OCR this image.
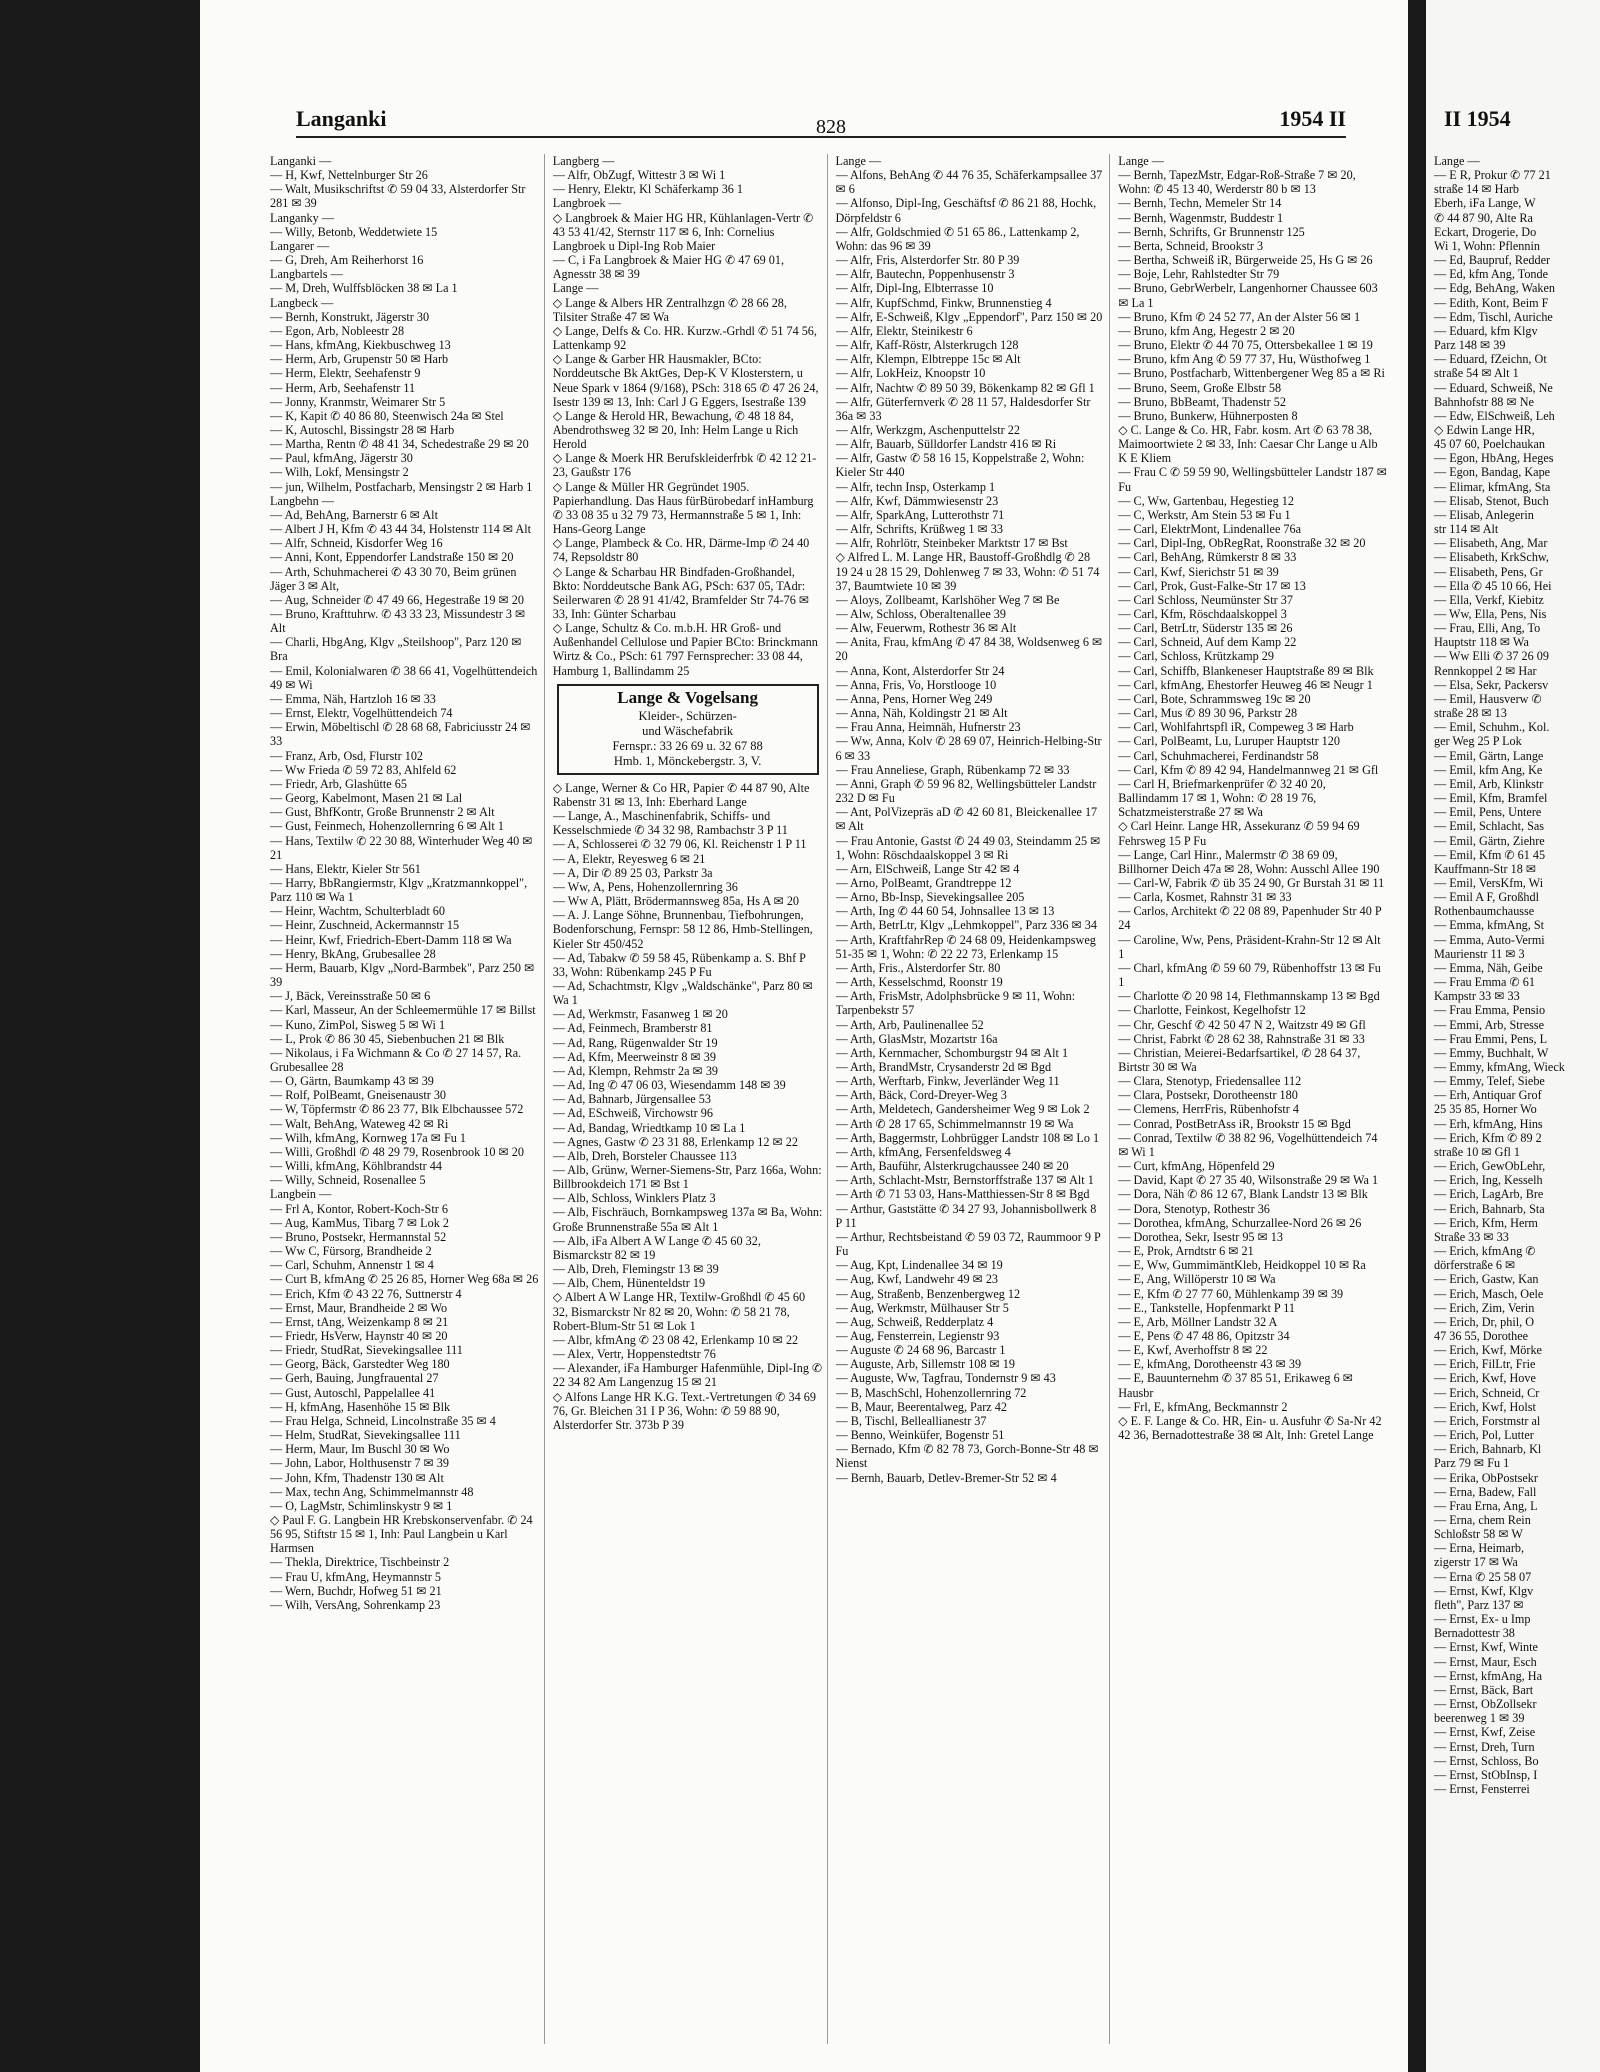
Langanki	828	1954 II
Langanki —
— H, Kwf, Nettelnburger Str 26
— Walt, Musikschriftst ✆ 59 04 33, Alsterdorfer Str 281 ✉ 39
Langanky —
— Willy, Betonb, Weddetwiete 15
Langarer —
— G, Dreh, Am Reiherhorst 16
Langbartels —
— M, Dreh, Wulffsblöcken 38 ✉ La 1
Langbeck —
— Bernh, Konstrukt, Jägerstr 30
— Egon, Arb, Nobleestr 28
— Hans, kfmAng, Kiekbuschweg 13
— Herm, Arb, Grupenstr 50 ✉ Harb
— Herm, Elektr, Seehafenstr 9
— Herm, Arb, Seehafenstr 11
— Jonny, Kranmstr, Weimarer Str 5
— K, Kapit ✆ 40 86 80, Steenwisch 24a ✉ Stel
— K, Autoschl, Bissingstr 28 ✉ Harb
— Martha, Rentn ✆ 48 41 34, Schedestraße 29 ✉ 20
— Paul, kfmAng, Jägerstr 30
— Wilh, Lokf, Mensingstr 2
— jun, Wilhelm, Postfacharb, Mensingstr 2 ✉ Harb 1
Langbehn —
— Ad, BehAng, Barnerstr 6 ✉ Alt
— Albert J H, Kfm ✆ 43 44 34, Holstenstr 114 ✉ Alt
— Alfr, Schneid, Kisdorfer Weg 16
— Anni, Kont, Eppendorfer Landstraße 150 ✉ 20
— Arth, Schuhmacherei ✆ 43 30 70, Beim grünen Jäger 3 ✉ Alt,
— Aug, Schneider ✆ 47 49 66, Hegestraße 19 ✉ 20
— Bruno, Krafttuhrw. ✆ 43 33 23, Missundestr 3 ✉ Alt
— Charli, HbgAng, Klgv „Steilshoop", Parz 120 ✉ Bra
— Emil, Kolonialwaren ✆ 38 66 41, Vogelhüttendeich 49 ✉ Wi
— Emma, Näh, Hartzloh 16 ✉ 33
— Ernst, Elektr, Vogelhüttendeich 74
— Erwin, Möbeltischl ✆ 28 68 68, Fabriciusstr 24 ✉ 33
— Franz, Arb, Osd, Flurstr 102
— Ww Frieda ✆ 59 72 83, Ahlfeld 62
— Friedr, Arb, Glashütte 65
— Georg, Kabelmont, Masen 21 ✉ Lal
— Gust, BhfKontr, Große Brunnenstr 2 ✉ Alt
— Gust, Feinmech, Hohenzollernring 6 ✉ Alt 1
— Hans, Textilw ✆ 22 30 88, Winterhuder Weg 40 ✉ 21
— Hans, Elektr, Kieler Str 561
— Harry, BbRangiermstr, Klgv „Kratzmannkoppel", Parz 110 ✉ Wa 1
— Heinr, Wachtm, Schulterbladt 60
— Heinr, Zuschneid, Ackermannstr 15
— Heinr, Kwf, Friedrich-Ebert-Damm 118 ✉ Wa
— Henry, BkAng, Grubesallee 28
— Herm, Bauarb, Klgv „Nord-Barmbek", Parz 250 ✉ 39
— J, Bäck, Vereinsstraße 50 ✉ 6
— Karl, Masseur, An der Schleemermühle 17 ✉ Billst
— Kuno, ZimPol, Sisweg 5 ✉ Wi 1
— L, Prok ✆ 86 30 45, Siebenbuchen 21 ✉ Blk
— Nikolaus, i Fa Wichmann & Co ✆ 27 14 57, Ra. Grubesallee 28
— O, Gärtn, Baumkamp 43 ✉ 39
— Rolf, PolBeamt, Gneisenaustr 30
— W, Töpfermstr ✆ 86 23 77, Blk Elbchaussee 572
— Walt, BehAng, Wateweg 42 ✉ Ri
— Wilh, kfmAng, Kornweg 17a ✉ Fu 1
— Willi, Großhdl ✆ 48 29 79, Rosenbrook 10 ✉ 20
— Willi, kfmAng, Köhlbrandstr 44
— Willy, Schneid, Rosenallee 5
Langbein —
— Frl A, Kontor, Robert-Koch-Str 6
— Aug, KamMus, Tibarg 7 ✉ Lok 2
— Bruno, Postsekr, Hermannstal 52
— Ww C, Fürsorg, Brandheide 2
— Carl, Schuhm, Annenstr 1 ✉ 4
— Curt B, kfmAng ✆ 25 26 85, Horner Weg 68a ✉ 26
— Erich, Kfm ✆ 43 22 76, Suttnerstr 4
— Ernst, Maur, Brandheide 2 ✉ Wo
— Ernst, tAng, Weizenkamp 8 ✉ 21
— Friedr, HsVerw, Haynstr 40 ✉ 20
— Friedr, StudRat, Sievekingsallee 111
— Georg, Bäck, Garstedter Weg 180
— Gerh, Bauing, Jungfrauental 27
— Gust, Autoschl, Pappelallee 41
— H, kfmAng, Hasenhöhe 15 ✉ Blk
— Frau Helga, Schneid, Lincolnstraße 35 ✉ 4
— Helm, StudRat, Sievekingsallee 111
— Herm, Maur, Im Buschl 30 ✉ Wo
— John, Labor, Holthusenstr 7 ✉ 39
— John, Kfm, Thadenstr 130 ✉ Alt
— Max, techn Ang, Schimmelmannstr 48
— O, LagMstr, Schimlinskystr 9 ✉ 1
◇ Paul F. G. Langbein HR Krebskonservenfabr. ✆ 24 56 95, Stiftstr 15 ✉ 1, Inh: Paul Langbein u Karl Harmsen
— Thekla, Direktrice, Tischbeinstr 2
— Frau U, kfmAng, Heymannstr 5
— Wern, Buchdr, Hofweg 51 ✉ 21
— Wilh, VersAng, Sohrenkamp 23
Langberg —
— Alfr, ObZugf, Wittestr 3 ✉ Wi 1
— Henry, Elektr, Kl Schäferkamp 36 1
Langbroek —
◇ Langbroek & Maier HG HR, Kühlanlagen-Vertr ✆ 43 53 41/42, Sternstr 117 ✉ 6, Inh: Cornelius Langbroek u Dipl-Ing Rob Maier
— C, i Fa Langbroek & Maier HG ✆ 47 69 01, Agnesstr 38 ✉ 39
Lange —
◇ Lange & Albers HR Zentralhzgn ✆ 28 66 28, Tilsiter Straße 47 ✉ Wa
◇ Lange, Delfs & Co. HR. Kurzw.-Grhdl ✆ 51 74 56, Lattenkamp 92
◇ Lange & Garber HR Hausmakler, BCto: Norddeutsche Bk AktGes, Dep-K V Klosterstern, u Neue Spark v 1864 (9/168), PSch: 318 65 ✆ 47 26 24, Isestr 139 ✉ 13, Inh: Carl J G Eggers, Isestraße 139
◇ Lange & Herold HR, Bewachung, ✆ 48 18 84, Abendrothsweg 32 ✉ 20, Inh: Helm Lange u Rich Herold
◇ Lange & Moerk HR Berufskleiderfrbk ✆ 42 12 21-23, Gaußstr 176
◇ Lange & Müller HR Gegründet 1905. Papierhandlung. Das Haus fürBürobedarf inHamburg ✆ 33 08 35 u 32 79 73, Hermannstraße 5 ✉ 1, Inh: Hans-Georg Lange
◇ Lange, Plambeck & Co. HR, Därme-Imp ✆ 24 40 74, Repsoldstr 80
◇ Lange & Scharbau HR Bindfaden-Großhandel, Bkto: Norddeutsche Bank AG, PSch: 637 05, TAdr: Seilerwaren ✆ 28 91 41/42, Bramfelder Str 74-76 ✉ 33, Inh: Günter Scharbau
◇ Lange, Schultz & Co. m.b.H. HR Groß- und Außenhandel Cellulose und Papier BCto: Brinckmann Wirtz & Co., PSch: 61 797 Fernsprecher: 33 08 44, Hamburg 1, Ballindamm 25
Lange & Vogelsang
Kleider-, Schürzen-
und Wäschefabrik
Fernspr.: 33 26 69 u. 32 67 88
Hmb. 1, Mönckebergstr. 3, V.
◇ Lange, Werner & Co HR, Papier ✆ 44 87 90, Alte Rabenstr 31 ✉ 13, Inh: Eberhard Lange
— Lange, A., Maschinenfabrik, Schiffs- und Kesselschmiede ✆ 34 32 98, Rambachstr 3 P 11
— A, Schlosserei ✆ 32 79 06, Kl. Reichenstr 1 P 11
— A, Elektr, Reyesweg 6 ✉ 21
— A, Dir ✆ 89 25 03, Parkstr 3a
— Ww, A, Pens, Hohenzollernring 36
— Ww A, Plätt, Brödermannsweg 85a, Hs A ✉ 20
— A. J. Lange Söhne, Brunnenbau, Tiefbohrungen, Bodenforschung, Fernspr: 58 12 86, Hmb-Stellingen, Kieler Str 450/452
— Ad, Tabakw ✆ 59 58 45, Rübenkamp a. S. Bhf P 33, Wohn: Rübenkamp 245 P Fu
— Ad, Schachtmstr, Klgv „Waldschänke", Parz 80 ✉ Wa 1
— Ad, Werkmstr, Fasanweg 1 ✉ 20
— Ad, Feinmech, Bramberstr 81
— Ad, Rang, Rügenwalder Str 19
— Ad, Kfm, Meerweinstr 8 ✉ 39
— Ad, Klempn, Rehmstr 2a ✉ 39
— Ad, Ing ✆ 47 06 03, Wiesendamm 148 ✉ 39
— Ad, Bahnarb, Jürgensallee 53
— Ad, ESchweiß, Virchowstr 96
— Ad, Bandag, Wriedtkamp 10 ✉ La 1
— Agnes, Gastw ✆ 23 31 88, Erlenkamp 12 ✉ 22
— Alb, Dreh, Borsteler Chaussee 113
— Alb, Grünw, Werner-Siemens-Str, Parz 166a, Wohn: Billbrookdeich 171 ✉ Bst 1
— Alb, Schloss, Winklers Platz 3
— Alb, Fischräuch, Bornkampsweg 137a ✉ Ba, Wohn: Große Brunnenstraße 55a ✉ Alt 1
— Alb, iFa Albert A W Lange ✆ 45 60 32, Bismarckstr 82 ✉ 19
— Alb, Dreh, Flemingstr 13 ✉ 39
— Alb, Chem, Hünenteldstr 19
◇ Albert A W Lange HR, Textilw-Großhdl ✆ 45 60 32, Bismarckstr Nr 82 ✉ 20, Wohn: ✆ 58 21 78, Robert-Blum-Str 51 ✉ Lok 1
— Albr, kfmAng ✆ 23 08 42, Erlenkamp 10 ✉ 22
— Alex, Vertr, Hoppenstedtstr 76
— Alexander, iFa Hamburger Hafenmühle, Dipl-Ing ✆ 22 34 82 Am Langenzug 15 ✉ 21
◇ Alfons Lange HR K.G. Text.-Vertretungen ✆ 34 69 76, Gr. Bleichen 31 I P 36, Wohn: ✆ 59 88 90, Alsterdorfer Str. 373b P 39
Lange —
— Alfons, BehAng ✆ 44 76 35, Schäferkampsallee 37 ✉ 6
— Alfonso, Dipl-Ing, Geschäftsf ✆ 86 21 88, Hochk, Dörpfeldstr 6
— Alfr, Goldschmied ✆ 51 65 86., Lattenkamp 2, Wohn: das 96 ✉ 39
— Alfr, Fris, Alsterdorfer Str. 80 P 39
— Alfr, Bautechn, Poppenhusenstr 3
— Alfr, Dipl-Ing, Elbterrasse 10
— Alfr, KupfSchmd, Finkw, Brunnenstieg 4
— Alfr, E-Schweiß, Klgv „Eppendorf", Parz 150 ✉ 20
— Alfr, Elektr, Steinikestr 6
— Alfr, Kaff-Röstr, Alsterkrugch 128
— Alfr, Klempn, Elbtreppe 15c ✉ Alt
— Alfr, LokHeiz, Knoopstr 10
— Alfr, Nachtw ✆ 89 50 39, Bökenkamp 82 ✉ Gfl 1
— Alfr, Güterfernverk ✆ 28 11 57, Haldesdorfer Str 36a ✉ 33
— Alfr, Werkzgm, Aschenputtelstr 22
— Alfr, Bauarb, Sülldorfer Landstr 416 ✉ Ri
— Alfr, Gastw ✆ 58 16 15, Koppelstraße 2, Wohn: Kieler Str 440
— Alfr, techn Insp, Osterkamp 1
— Alfr, Kwf, Dämmwiesenstr 23
— Alfr, SparkAng, Lutterothstr 71
— Alfr, Schrifts, Krüßweg 1 ✉ 33
— Alfr, Rohrlötr, Steinbeker Marktstr 17 ✉ Bst
◇ Alfred L. M. Lange HR, Baustoff-Großhdlg ✆ 28 19 24 u 28 15 29, Dohlenweg 7 ✉ 33, Wohn: ✆ 51 74 37, Baumtwiete 10 ✉ 39
— Aloys, Zollbeamt, Karlshöher Weg 7 ✉ Be
— Alw, Schloss, Oberaltenallee 39
— Alw, Feuerwm, Rothestr 36 ✉ Alt
— Anita, Frau, kfmAng ✆ 47 84 38, Woldsenweg 6 ✉ 20
— Anna, Kont, Alsterdorfer Str 24
— Anna, Fris, Vo, Horstlooge 10
— Anna, Pens, Horner Weg 249
— Anna, Näh, Koldingstr 21 ✉ Alt
— Frau Anna, Heimnäh, Hufnerstr 23
— Ww, Anna, Kolv ✆ 28 69 07, Heinrich-Helbing-Str 6 ✉ 33
— Frau Anneliese, Graph, Rübenkamp 72 ✉ 33
— Anni, Graph ✆ 59 96 82, Wellingsbütteler Landstr 232 D ✉ Fu
— Ant, PolVizepräs aD ✆ 42 60 81, Bleickenallee 17 ✉ Alt
— Frau Antonie, Gastst ✆ 24 49 03, Steindamm 25 ✉ 1, Wohn: Röschdaalskoppel 3 ✉ Ri
— Arn, ElSchweiß, Lange Str 42 ✉ 4
— Arno, PolBeamt, Grandtreppe 12
— Arno, Bb-Insp, Sievekingsallee 205
— Arth, Ing ✆ 44 60 54, Johnsallee 13 ✉ 13
— Arth, BetrLtr, Klgv „Lehmkoppel", Parz 336 ✉ 34
— Arth, KraftfahrRep ✆ 24 68 09, Heidenkampsweg 51-35 ✉ 1, Wohn: ✆ 22 22 73, Erlenkamp 15
— Arth, Fris., Alsterdorfer Str. 80
— Arth, Kesselschmd, Roonstr 19
— Arth, FrisMstr, Adolphsbrücke 9 ✉ 11, Wohn: Tarpenbekstr 57
— Arth, Arb, Paulinenallee 52
— Arth, GlasMstr, Mozartstr 16a
— Arth, Kernmacher, Schomburgstr 94 ✉ Alt 1
— Arth, BrandMstr, Crysanderstr 2d ✉ Bgd
— Arth, Werftarb, Finkw, Jeverländer Weg 11
— Arth, Bäck, Cord-Dreyer-Weg 3
— Arth, Meldetech, Gandersheimer Weg 9 ✉ Lok 2
— Arth ✆ 28 17 65, Schimmelmannstr 19 ✉ Wa
— Arth, Baggermstr, Lohbrügger Landstr 108 ✉ Lo 1
— Arth, kfmAng, Fersenfeldsweg 4
— Arth, Bauführ, Alsterkrugchaussee 240 ✉ 20
— Arth, Schlacht-Mstr, Bernstorffstraße 137 ✉ Alt 1
— Arth ✆ 71 53 03, Hans-Matthiessen-Str 8 ✉ Bgd
— Arthur, Gaststätte ✆ 34 27 93, Johannisbollwerk 8 P 11
— Arthur, Rechtsbeistand ✆ 59 03 72, Raummoor 9 P Fu
— Aug, Kpt, Lindenallee 34 ✉ 19
— Aug, Kwf, Landwehr 49 ✉ 23
— Aug, Straßenb, Benzenbergweg 12
— Aug, Werkmstr, Mülhauser Str 5
— Aug, Schweiß, Redderplatz 4
— Aug, Fensterrein, Legienstr 93
— Auguste ✆ 24 68 96, Barcastr 1
— Auguste, Arb, Sillemstr 108 ✉ 19
— Auguste, Ww, Tagfrau, Tondernstr 9 ✉ 43
— B, MaschSchl, Hohenzollernring 72
— B, Maur, Beerentalweg, Parz 42
— B, Tischl, Belleallianestr 37
— Benno, Weinküfer, Bogenstr 51
— Bernado, Kfm ✆ 82 78 73, Gorch-Bonne-Str 48 ✉ Nienst
— Bernh, Bauarb, Detlev-Bremer-Str 52 ✉ 4
Lange —
— Bernh, TapezMstr, Edgar-Roß-Straße 7 ✉ 20, Wohn: ✆ 45 13 40, Werderstr 80 b ✉ 13
— Bernh, Techn, Memeler Str 14
— Bernh, Wagenmstr, Buddestr 1
— Bernh, Schrifts, Gr Brunnenstr 125
— Berta, Schneid, Brookstr 3
— Bertha, Schweiß iR, Bürgerweide 25, Hs G ✉ 26
— Boje, Lehr, Rahlstedter Str 79
— Bruno, GebrWerbelr, Langenhorner Chaussee 603 ✉ La 1
— Bruno, Kfm ✆ 24 52 77, An der Alster 56 ✉ 1
— Bruno, kfm Ang, Hegestr 2 ✉ 20
— Bruno, Elektr ✆ 44 70 75, Ottersbekallee 1 ✉ 19
— Bruno, kfm Ang ✆ 59 77 37, Hu, Wüsthofweg 1
— Bruno, Postfacharb, Wittenbergener Weg 85 a ✉ Ri
— Bruno, Seem, Große Elbstr 58
— Bruno, BbBeamt, Thadenstr 52
— Bruno, Bunkerw, Hühnerposten 8
◇ C. Lange & Co. HR, Fabr. kosm. Art ✆ 63 78 38, Maimoortwiete 2 ✉ 33, Inh: Caesar Chr Lange u Alb K E Kliem
— Frau C ✆ 59 59 90, Wellingsbütteler Landstr 187 ✉ Fu
— C, Ww, Gartenbau, Hegestieg 12
— C, Werkstr, Am Stein 53 ✉ Fu 1
— Carl, ElektrMont, Lindenallee 76a
— Carl, Dipl-Ing, ObRegRat, Roonstraße 32 ✉ 20
— Carl, BehAng, Rümkerstr 8 ✉ 33
— Carl, Kwf, Sierichstr 51 ✉ 39
— Carl, Prok, Gust-Falke-Str 17 ✉ 13
— Carl Schloss, Neumünster Str 37
— Carl, Kfm, Röschdaalskoppel 3
— Carl, BetrLtr, Süderstr 135 ✉ 26
— Carl, Schneid, Auf dem Kamp 22
— Carl, Schloss, Krützkamp 29
— Carl, Schiffb, Blankeneser Hauptstraße 89 ✉ Blk
— Carl, kfmAng, Ehestorfer Heuweg 46 ✉ Neugr 1
— Carl, Bote, Schrammsweg 19c ✉ 20
— Carl, Mus ✆ 89 30 96, Parkstr 28
— Carl, Wohlfahrtspfl iR, Compeweg 3 ✉ Harb
— Carl, PolBeamt, Lu, Luruper Hauptstr 120
— Carl, Schuhmacherei, Ferdinandstr 58
— Carl, Kfm ✆ 89 42 94, Handelmannweg 21 ✉ Gfl
— Carl H, Briefmarkenprüfer ✆ 32 40 20, Ballindamm 17 ✉ 1, Wohn: ✆ 28 19 76, Schatzmeisterstraße 27 ✉ Wa
◇ Carl Heinr. Lange HR, Assekuranz ✆ 59 94 69 Fehrsweg 15 P Fu
— Lange, Carl Hinr., Malermstr ✆ 38 69 09, Billhorner Deich 47a ✉ 28, Wohn: Ausschl Allee 190
— Carl-W, Fabrik ✆ üb 35 24 90, Gr Burstah 31 ✉ 11
— Carla, Kosmet, Rahnstr 31 ✉ 33
— Carlos, Architekt ✆ 22 08 89, Papenhuder Str 40 P 24
— Caroline, Ww, Pens, Präsident-Krahn-Str 12 ✉ Alt 1
— Charl, kfmAng ✆ 59 60 79, Rübenhoffstr 13 ✉ Fu 1
— Charlotte ✆ 20 98 14, Flethmannskamp 13 ✉ Bgd
— Charlotte, Feinkost, Kegelhofstr 12
— Chr, Geschf ✆ 42 50 47 N 2, Waitzstr 49 ✉ Gfl
— Christ, Fabrkt ✆ 28 62 38, Rahnstraße 31 ✉ 33
— Christian, Meierei-Bedarfsartikel, ✆ 28 64 37, Birtstr 30 ✉ Wa
— Clara, Stenotyp, Friedensallee 112
— Clara, Postsekr, Dorotheenstr 180
— Clemens, HerrFris, Rübenhofstr 4
— Conrad, PostBetrAss iR, Brookstr 15 ✉ Bgd
— Conrad, Textilw ✆ 38 82 96, Vogelhüttendeich 74 ✉ Wi 1
— Curt, kfmAng, Höpenfeld 29
— David, Kapt ✆ 27 35 40, Wilsonstraße 29 ✉ Wa 1
— Dora, Näh ✆ 86 12 67, Blank Landstr 13 ✉ Blk
— Dora, Stenotyp, Rothestr 36
— Dorothea, kfmAng, Schurzallee-Nord 26 ✉ 26
— Dorothea, Sekr, Isestr 95 ✉ 13
— E, Prok, Arndtstr 6 ✉ 21
— E, Ww, GummimäntKleb, Heidkoppel 10 ✉ Ra
— E, Ang, Willöperstr 10 ✉ Wa
— E, Kfm ✆ 27 77 60, Mühlenkamp 39 ✉ 39
— E., Tankstelle, Hopfenmarkt P 11
— E, Arb, Möllner Landstr 32 A
— E, Pens ✆ 47 48 86, Opitzstr 34
— E, Kwf, Averhoffstr 8 ✉ 22
— E, kfmAng, Dorotheenstr 43 ✉ 39
— E, Bauunternehm ✆ 37 85 51, Erikaweg 6 ✉ Hausbr
— Frl, E, kfmAng, Beckmannstr 2
◇ E. F. Lange & Co. HR, Ein- u. Ausfuhr ✆ Sa-Nr 42 42 36, Bernadottestraße 38 ✉ Alt, Inh: Gretel Lange
II 1954
Lange —
— E R, Prokur ✆ 77 21
straße 14 ✉ Harb
Eberh, iFa Lange, W
✆ 44 87 90, Alte Ra
Eckart, Drogerie, Do
Wi 1, Wohn: Pflennin
— Ed, Baupruf, Redder
— Ed, kfm Ang, Tonde
— Edg, BehAng, Waken
— Edith, Kont, Beim F
— Edm, Tischl, Auriche
— Eduard, kfm Klgv
Parz 148 ✉ 39
— Eduard, fZeichn, Ot
straße 54 ✉ Alt 1
— Eduard, Schweiß, Ne
Bahnhofstr 88 ✉ Ne
— Edw, ElSchweiß, Leh
◇ Edwin Lange HR,
45 07 60, Poelchaukan
— Egon, HbAng, Heges
— Egon, Bandag, Kape
— Elimar, kfmAng, Sta
— Elisab, Stenot, Buch
— Elisab, Anlegerin
str 114 ✉ Alt
— Elisabeth, Ang, Mar
— Elisabeth, KrkSchw,
— Elisabeth, Pens, Gr
— Ella ✆ 45 10 66, Hei
— Ella, Verkf, Kiebitz
— Ww, Ella, Pens, Nis
— Frau, Elli, Ang, To
Hauptstr 118 ✉ Wa
— Ww Elli ✆ 37 26 09
Rennkoppel 2 ✉ Har
— Elsa, Sekr, Packersv
— Emil, Hausverw ✆
straße 28 ✉ 13
— Emil, Schuhm., Kol.
ger Weg 25 P Lok
— Emil, Gärtn, Lange
— Emil, kfm Ang, Ke
— Emil, Arb, Klinkstr
— Emil, Kfm, Bramfel
— Emil, Pens, Untere
— Emil, Schlacht, Sas
— Emil, Gärtn, Ziehre
— Emil, Kfm ✆ 61 45
Kauffmann-Str 18 ✉
— Emil, VersKfm, Wi
— Emil A F, Großhdl
Rothenbaumchausse
— Emma, kfmAng, St
— Emma, Auto-Vermi
Maurienstr 11 ✉ 3
— Emma, Näh, Geibe
— Frau Emma ✆ 61
Kampstr 33 ✉ 33
— Frau Emma, Pensio
— Emmi, Arb, Stresse
— Frau Emmi, Pens, L
— Emmy, Buchhalt, W
— Emmy, kfmAng, Wieck
— Emmy, Telef, Siebe
— Erh, Antiquar Grof
25 35 85, Horner Wo
— Erh, kfmAng, Hins
— Erich, Kfm ✆ 89 2
straße 10 ✉ Gfl 1
— Erich, GewObLehr,
— Erich, Ing, Kesselh
— Erich, LagArb, Bre
— Erich, Bahnarb, Sta
— Erich, Kfm, Herm
Straße 33 ✉ 33
— Erich, kfmAng ✆
dörferstraße 6 ✉
— Erich, Gastw, Kan
— Erich, Masch, Oele
— Erich, Zim, Verin
— Erich, Dr, phil, O
47 36 55, Dorothee
— Erich, Kwf, Mörke
— Erich, FilLtr, Frie
— Erich, Kwf, Hove
— Erich, Schneid, Cr
— Erich, Kwf, Holst
— Erich, Forstmstr al
— Erich, Pol, Lutter
— Erich, Bahnarb, Kl
Parz 79 ✉ Fu 1
— Erika, ObPostsekr
— Erna, Badew, Fall
— Frau Erna, Ang, L
— Erna, chem Rein
Schloßstr 58 ✉ W
— Erna, Heimarb,
zigerstr 17 ✉ Wa
— Erna ✆ 25 58 07
— Ernst, Kwf, Klgv
fleth", Parz 137 ✉
— Ernst, Ex- u Imp
Bernadottestr 38
— Ernst, Kwf, Winte
— Ernst, Maur, Esch
— Ernst, kfmAng, Ha
— Ernst, Bäck, Bart
— Ernst, ObZollsekr
beerenweg 1 ✉ 39
— Ernst, Kwf, Zeise
— Ernst, Dreh, Turn
— Ernst, Schloss, Bo
— Ernst, StObInsp, I
— Ernst, Fensterrei
